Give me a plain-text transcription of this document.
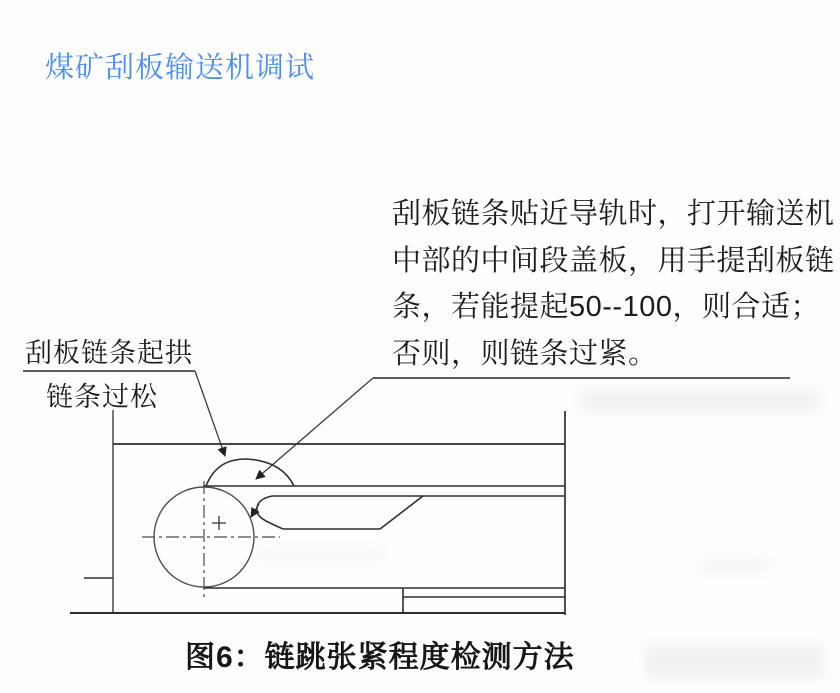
煤矿刮板输送机调试
刮板链条贴近导轨时，打开输送机
中部的中间段盖板，用手提刮板链
条，若能提起50--100，则合适；
否则，则链条过紧。
刮板链条起拱
链条过松
图6：链跳张紧程度检测方法
